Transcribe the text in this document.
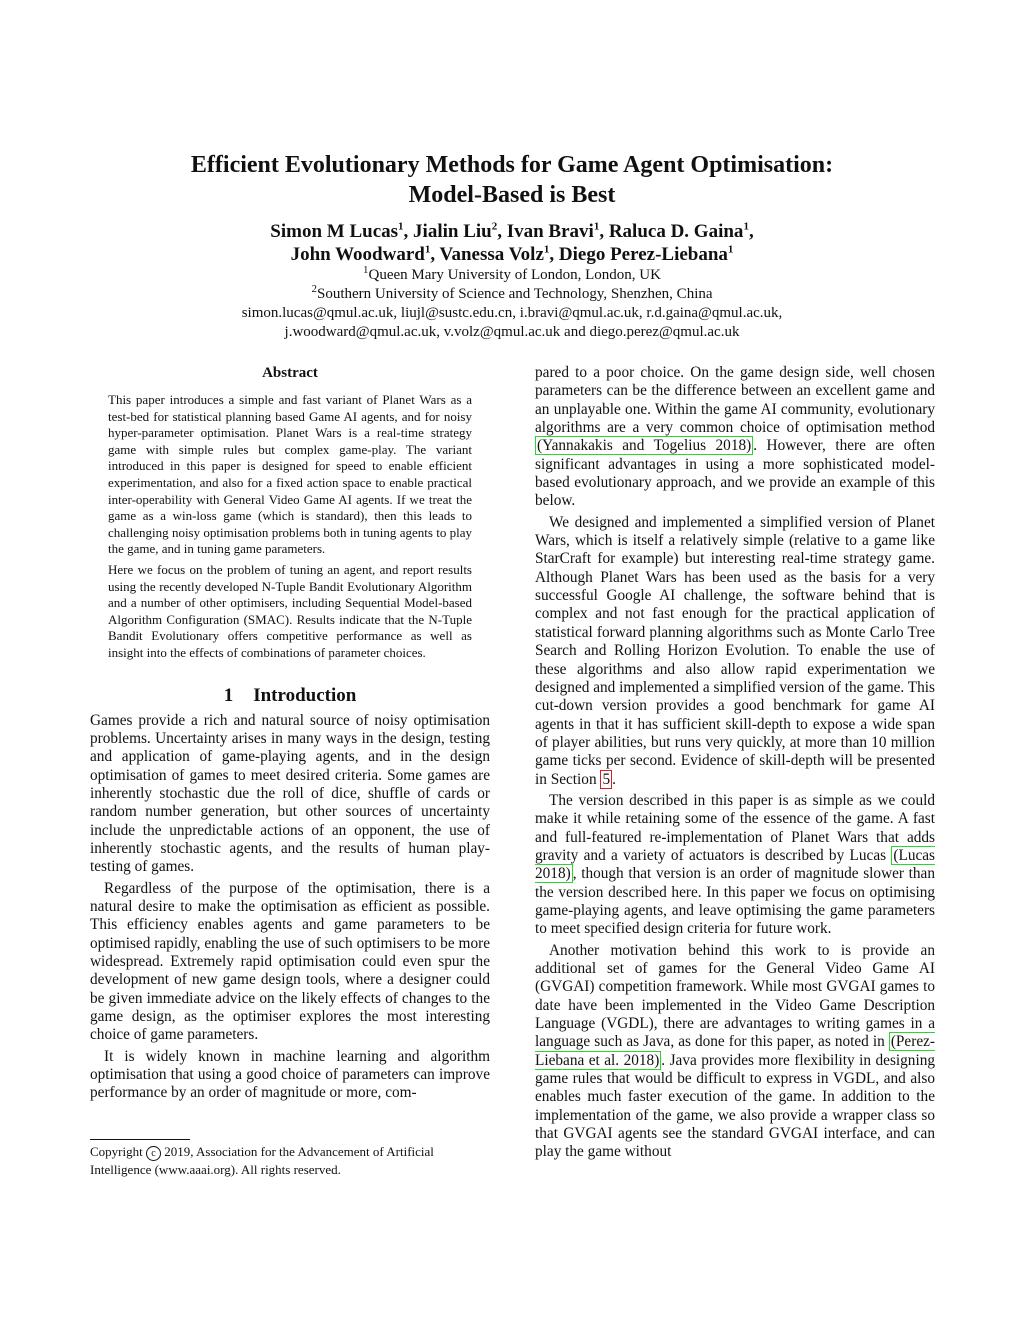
Efficient Evolutionary Methods for Game Agent Optimisation:
Model-Based is Best
Simon M Lucas$^1$, Jialin Liu$^2$, Ivan Bravi$^1$, Raluca D. Gaina$^1$,
John Woodward$^1$, Vanessa Volz$^1$, Diego Perez-Liebana$^1$
$^1$Queen Mary University of London, London, UK
$^2$Southern University of Science and Technology, Shenzhen, China
simon.lucas@qmul.ac.uk, liujl@sustc.edu.cn, i.bravi@qmul.ac.uk, r.d.gaina@qmul.ac.uk,
j.woodward@qmul.ac.uk, v.volz@qmul.ac.uk and diego.perez@qmul.ac.uk
Abstract

This paper introduces a simple and fast variant of Planet Wars as a test-bed for statistical planning based Game AI agents, and for noisy hyper-parameter optimisation. Planet Wars is a real-time strategy game with simple rules but complex game-play. The variant introduced in this paper is designed for speed to enable efficient experimentation, and also for a fixed action space to enable practical inter-operability with General Video Game AI agents. If we treat the game as a win-loss game (which is standard), then this leads to challenging noisy optimisation problems both in tuning agents to play the game, and in tuning game parameters.

Here we focus on the problem of tuning an agent, and report results using the recently developed N-Tuple Bandit Evolutionary Algorithm and a number of other optimisers, including Sequential Model-based Algorithm Configuration (SMAC). Results indicate that the N-Tuple Bandit Evolutionary offers competitive performance as well as insight into the effects of combinations of parameter choices.

1 Introduction

Games provide a rich and natural source of noisy optimisation problems. Uncertainty arises in many ways in the design, testing and application of game-playing agents, and in the design optimisation of games to meet desired criteria. Some games are inherently stochastic due the roll of dice, shuffle of cards or random number generation, but other sources of uncertainty include the unpredictable actions of an opponent, the use of inherently stochastic agents, and the results of human play-testing of games.

Regardless of the purpose of the optimisation, there is a natural desire to make the optimisation as efficient as possible. This efficiency enables agents and game parameters to be optimised rapidly, enabling the use of such optimisers to be more widespread. Extremely rapid optimisation could even spur the development of new game design tools, where a designer could be given immediate advice on the likely effects of changes to the game design, as the optimiser explores the most interesting choice of game parameters.

It is widely known in machine learning and algorithm optimisation that using a good choice of parameters can improve performance by an order of magnitude or more, com-

Copyright c 2019, Association for the Advancement of Artificial Intelligence (www.aaai.org). All rights reserved.

pared to a poor choice. On the game design side, well chosen parameters can be the difference between an excellent game and an unplayable one. Within the game AI community, evolutionary algorithms are a very common choice of optimisation method (Yannakakis and Togelius 2018) . However, there are often significant advantages in using a more sophisticated model-based evolutionary approach, and we provide an example of this below.

We designed and implemented a simplified version of Planet Wars, which is itself a relatively simple (relative to a game like StarCraft for example) but interesting real-time strategy game. Although Planet Wars has been used as the basis for a very successful Google AI challenge, the software behind that is complex and not fast enough for the practical application of statistical forward planning algorithms such as Monte Carlo Tree Search and Rolling Horizon Evolution. To enable the use of these algorithms and also allow rapid experimentation we designed and implemented a simplified version of the game. This cut-down version provides a good benchmark for game AI agents in that it has sufficient skill-depth to expose a wide span of player abilities, but runs very quickly, at more than 10 million game ticks per second. Evidence of skill-depth will be presented in Section 5 .

The version described in this paper is as simple as we could make it while retaining some of the essence of the game. A fast and full-featured re-implementation of Planet Wars that adds gravity and a variety of actuators is described by Lucas (Lucas 2018) , though that version is an order of magnitude slower than the version described here. In this paper we focus on optimising game-playing agents, and leave optimising the game parameters to meet specified design criteria for future work.

Another motivation behind this work to is provide an additional set of games for the General Video Game AI (GVGAI) competition framework. While most GVGAI games to date have been implemented in the Video Game Description Language (VGDL), there are advantages to writing games in a language such as Java, as done for this paper, as noted in (Perez-Liebana et al. 2018) . Java provides more flexibility in designing game rules that would be difficult to express in VGDL, and also enables much faster execution of the game. In addition to the implementation of the game, we also provide a wrapper class so that GVGAI agents see the standard GVGAI interface, and can play the game without
